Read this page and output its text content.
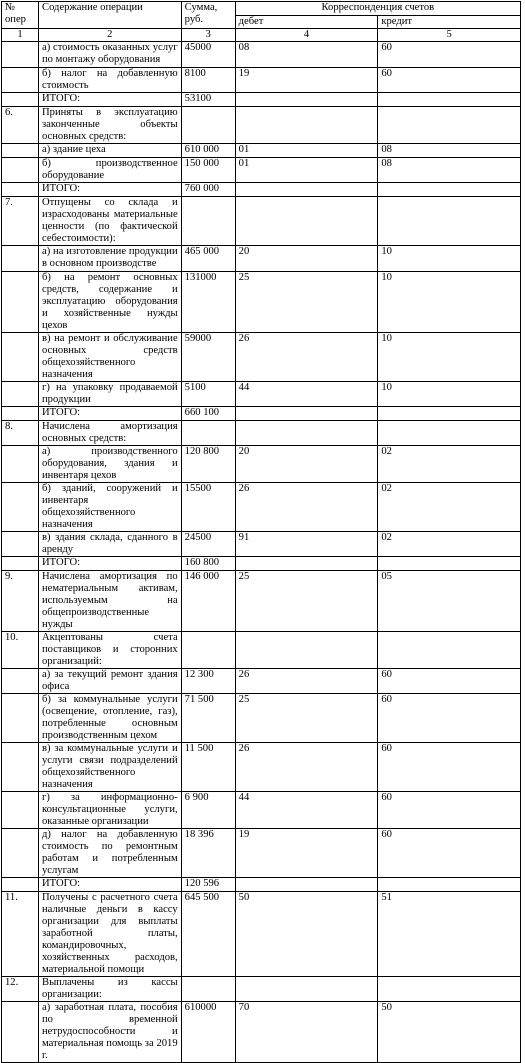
№ опер	Содержание операции	Сумма, руб.	Корреспонденция счетов	
			дебет	кредит
1	2	3	4	5
	а) стоимость оказанных услуг по монтажу оборудования	45000	08	60
	б) налог на добавленную стоимость	8100	19	60
	ИТОГО:	53100		
6.	Приняты в эксплуатацию законченные объекты основных средств:			
	а) здание цеха	610 000	01	08
	б) производственное оборудование	150 000	01	08
	ИТОГО:	760 000		
7.	Отпущены со склада и израсходованы материальные ценности (по фактической себестоимости):			
	а) на изготовление продукции в основном производстве	465 000	20	10
	б) на ремонт основных средств, содержание и эксплуатацию оборудования и хозяйственные нужды цехов	131000	25	10
	в) на ремонт и обслуживание основных средств общехозяйственного назначения	59000	26	10
	г) на упаковку продаваемой продукции	5100	44	10
	ИТОГО:	660 100		
8.	Начислена амортизация основных средств:			
	а) производственного оборудования, здания и инвентаря цехов	120 800	20	02
	б) зданий, сооружений и инвентаря общехозяйственного назначения	15500	26	02
	в) здания склада, сданного в аренду	24500	91	02
	ИТОГО:	160 800		
9.	Начислена амортизация по нематериальным активам, используемым на общепроизводственные нужды	146 000	25	05
10.	Акцептованы счета поставщиков и сторонних организаций:			
	а) за текущий ремонт здания офиса	12 300	26	60
	б) за коммунальные услуги (освещение, отопление, газ), потребленные основным производственным цехом	71 500	25	60
	в) за коммунальные услуги и услуги связи подразделений общехозяйственного назначения	11 500	26	60
	г) за информационно-консультационные услуги, оказанные организации	6 900	44	60
	д) налог на добавленную стоимость по ремонтным работам и потребленным услугам	18 396	19	60
	ИТОГО:	120 596		
11.	Получены с расчетного счета наличные деньги в кассу организации для выплаты заработной платы, командировочных, хозяйственных расходов, материальной помощи	645 500	50	51
12.	Выплачены из кассы организации:			
	а) заработная плата, пособия по временной нетрудоспособности и материальная помощь за 2019 г.	610000	70	50
